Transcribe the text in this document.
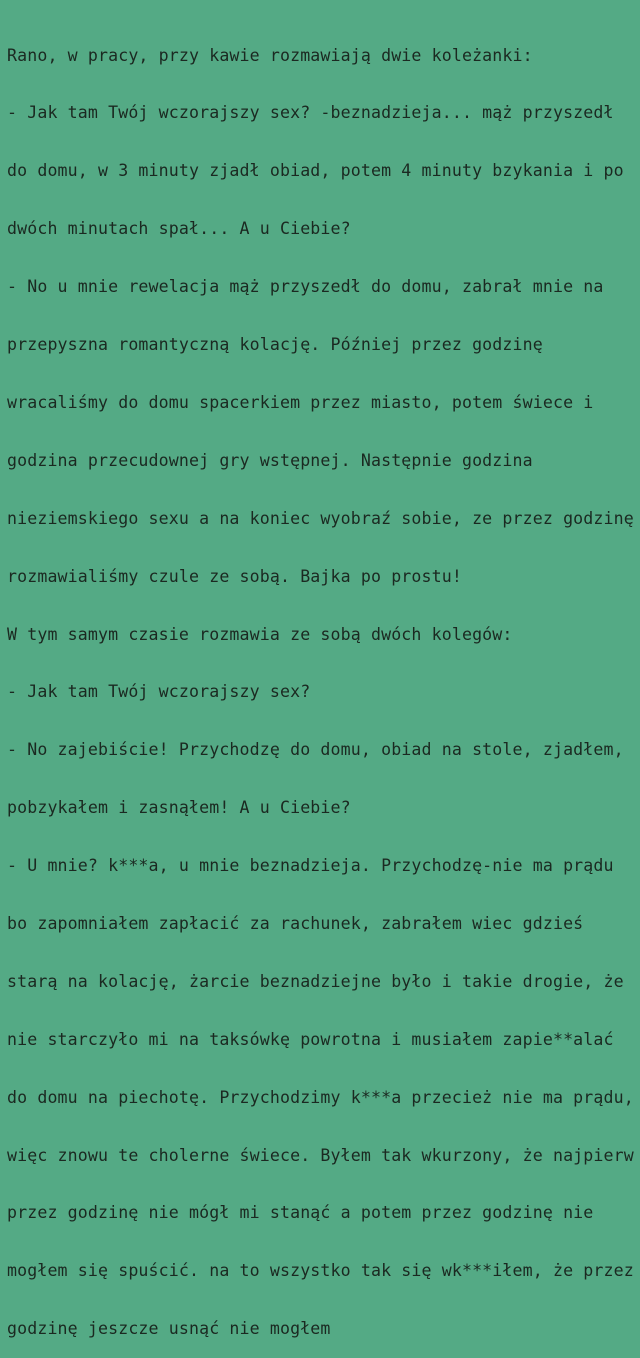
Rano, w pracy, przy kawie rozmawiają dwie koleżanki:

- Jak tam Twój wczorajszy sex? -beznadzieja... mąż przyszedł

do domu, w 3 minuty zjadł obiad, potem 4 minuty bzykania i po

dwóch minutach spał... A u Ciebie?

- No u mnie rewelacja mąż przyszedł do domu, zabrał mnie na

przepyszna romantyczną kolację. Później przez godzinę

wracaliśmy do domu spacerkiem przez miasto, potem świece i

godzina przecudownej gry wstępnej. Następnie godzina

nieziemskiego sexu a na koniec wyobraź sobie, ze przez godzinę

rozmawialiśmy czule ze sobą. Bajka po prostu!

W tym samym czasie rozmawia ze sobą dwóch kolegów:

- Jak tam Twój wczorajszy sex?

- No zajebiście! Przychodzę do domu, obiad na stole, zjadłem,

pobzykałem i zasnąłem! A u Ciebie?

- U mnie? k***a, u mnie beznadzieja. Przychodzę-nie ma prądu

bo zapomniałem zapłacić za rachunek, zabrałem wiec gdzieś

starą na kolację, żarcie beznadziejne było i takie drogie, że

nie starczyło mi na taksówkę powrotna i musiałem zapie**alać

do domu na piechotę. Przychodzimy k***a przecież nie ma prądu,

więc znowu te cholerne świece. Byłem tak wkurzony, że najpierw

przez godzinę nie mógł mi stanąć a potem przez godzinę nie

mogłem się spuścić. na to wszystko tak się wk***iłem, że przez

godzinę jeszcze usnąć nie mogłem
